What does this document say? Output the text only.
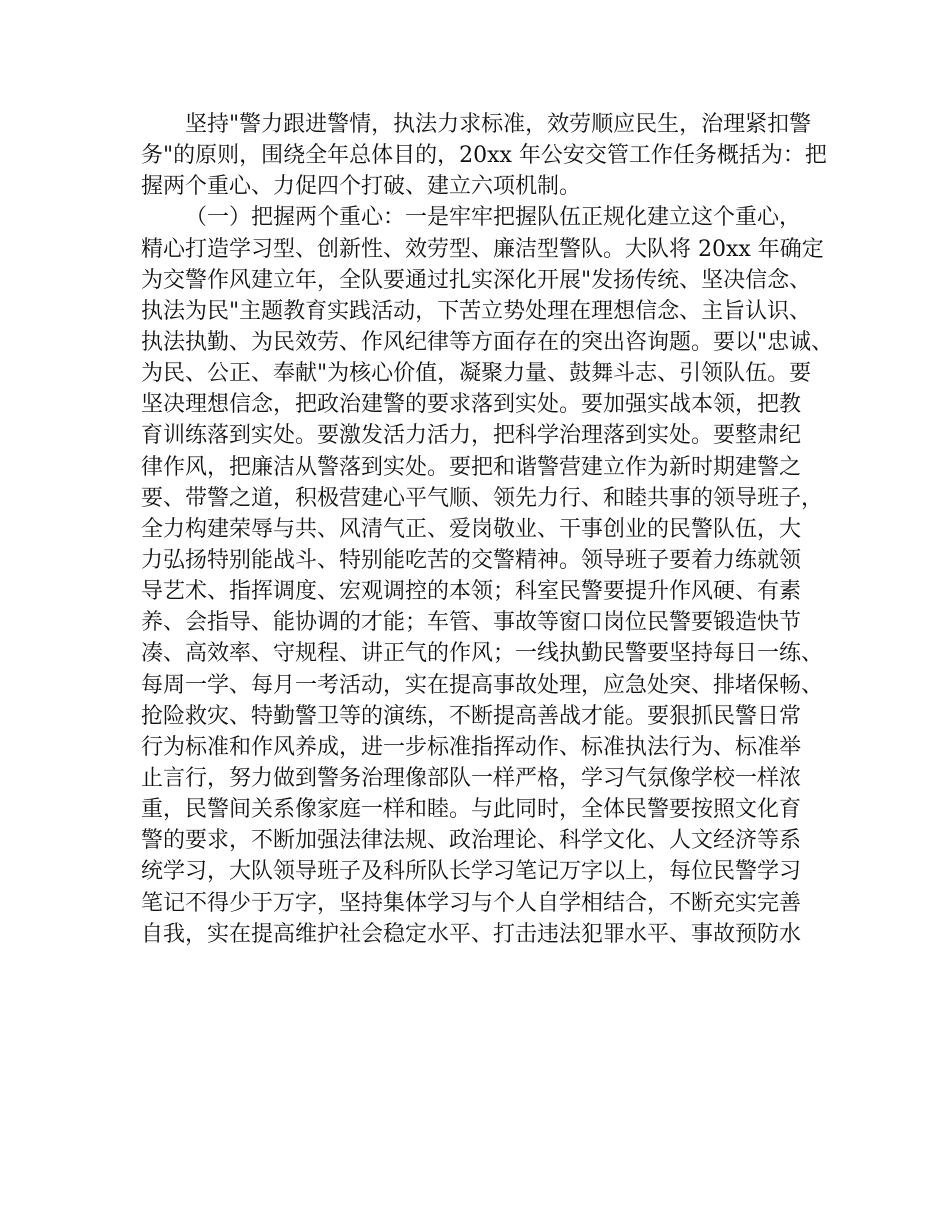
坚持"警力跟进警情，执法力求标准，效劳顺应民生，治理紧扣警
务"的原则，围绕全年总体目的，20xx 年公安交管工作任务概括为：把
握两个重心、力促四个打破、建立六项机制。
（一）把握两个重心：一是牢牢把握队伍正规化建立这个重心，
精心打造学习型、创新性、效劳型、廉洁型警队。大队将 20xx 年确定
为交警作风建立年，全队要通过扎实深化开展"发扬传统、坚决信念、
执法为民"主题教育实践活动，下苦立势处理在理想信念、主旨认识、
执法执勤、为民效劳、作风纪律等方面存在的突出咨询题。要以"忠诚、
为民、公正、奉献"为核心价值，凝聚力量、鼓舞斗志、引领队伍。要
坚决理想信念，把政治建警的要求落到实处。要加强实战本领，把教
育训练落到实处。要激发活力活力，把科学治理落到实处。要整肃纪
律作风，把廉洁从警落到实处。要把和谐警营建立作为新时期建警之
要、带警之道，积极营建心平气顺、领先力行、和睦共事的领导班子，
全力构建荣辱与共、风清气正、爱岗敬业、干事创业的民警队伍，大
力弘扬特别能战斗、特别能吃苦的交警精神。领导班子要着力练就领
导艺术、指挥调度、宏观调控的本领；科室民警要提升作风硬、有素
养、会指导、能协调的才能；车管、事故等窗口岗位民警要锻造快节
凑、高效率、守规程、讲正气的作风；一线执勤民警要坚持每日一练、
每周一学、每月一考活动，实在提高事故处理，应急处突、排堵保畅、
抢险救灾、特勤警卫等的演练，不断提高善战才能。要狠抓民警日常
行为标准和作风养成，进一步标准指挥动作、标准执法行为、标准举
止言行，努力做到警务治理像部队一样严格，学习气氛像学校一样浓
重，民警间关系像家庭一样和睦。与此同时，全体民警要按照文化育
警的要求，不断加强法律法规、政治理论、科学文化、人文经济等系
统学习，大队领导班子及科所队长学习笔记万字以上，每位民警学习
笔记不得少于万字，坚持集体学习与个人自学相结合，不断充实完善
自我，实在提高维护社会稳定水平、打击违法犯罪水平、事故预防水
